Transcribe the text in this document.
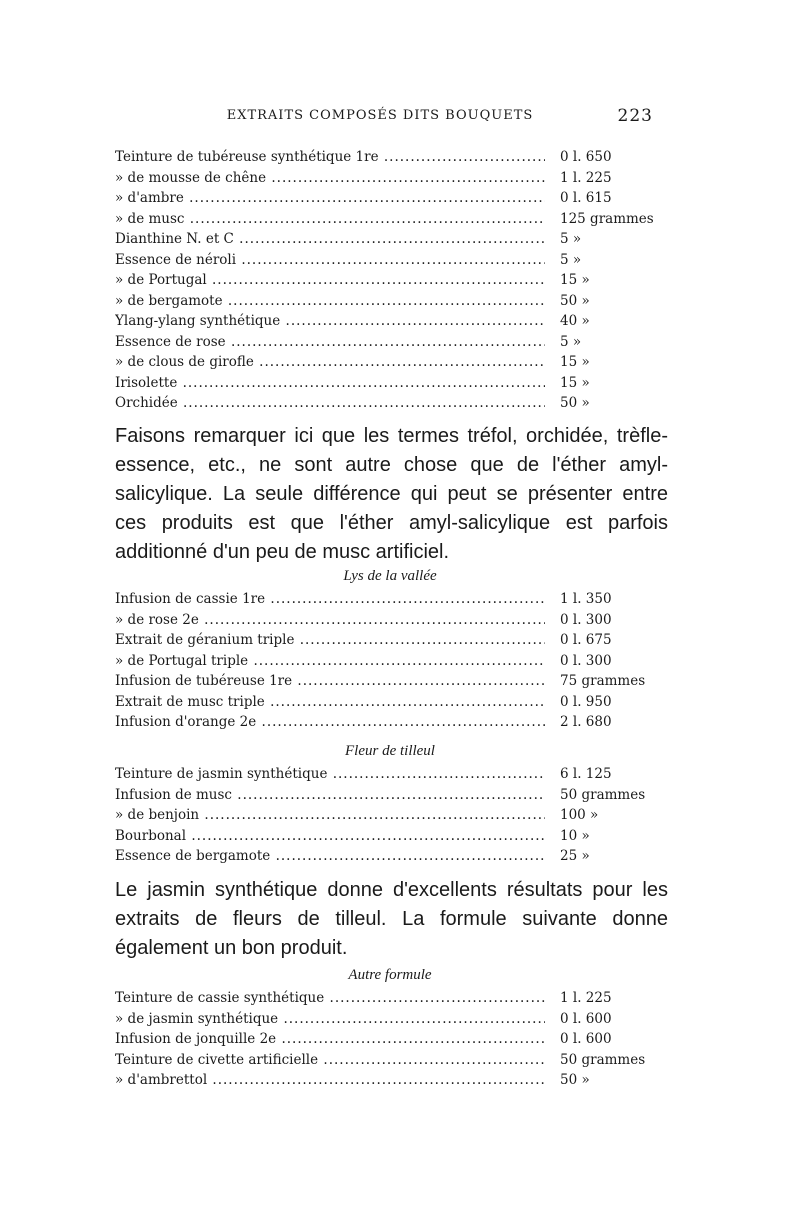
EXTRAITS COMPOSÉS DITS BOUQUETS	223
Teinture de tubéreuse synthétique 1re .....	0 l. 650
» de mousse de chêne .....	1 l. 225
» d'ambre .....	0 l. 615
» de musc .....	125 grammes
Dianthine N. et C .....	5 »
Essence de néroli .....	5 »
» de Portugal .....	15 »
» de bergamote .....	50 »
Ylang-ylang synthétique .....	40 »
Essence de rose .....	5 »
» de clous de girofle .....	15 »
Irisolette .....	15 »
Orchidée .....	50 »
Faisons remarquer ici que les termes tréfol, orchidée, trèfle-essence, etc., ne sont autre chose que de l'éther amyl-salicylique. La seule différence qui peut se présenter entre ces produits est que l'éther amyl-salicylique est parfois additionné d'un peu de musc artificiel.
Lys de la vallée
Infusion de cassie 1re .....	1 l. 350
» de rose 2e .....	0 l. 300
Extrait de géranium triple .....	0 l. 675
» de Portugal triple .....	0 l. 300
Infusion de tubéreuse 1re .....	75 grammes
Extrait de musc triple .....	0 l. 950
Infusion d'orange 2e .....	2 l. 680
Fleur de tilleul
Teinture de jasmin synthétique .....	6 l. 125
Infusion de musc .....	50 grammes
» de benjoin .....	100 »
Bourbonal .....	10 »
Essence de bergamote .....	25 »
Le jasmin synthétique donne d'excellents résultats pour les extraits de fleurs de tilleul. La formule suivante donne également un bon produit.
Autre formule
Teinture de cassie synthétique .....	1 l. 225
» de jasmin synthétique .....	0 l. 600
Infusion de jonquille 2e .....	0 l. 600
Teinture de civette artificielle .....	50 grammes
» d'ambrettol .....	50 »
